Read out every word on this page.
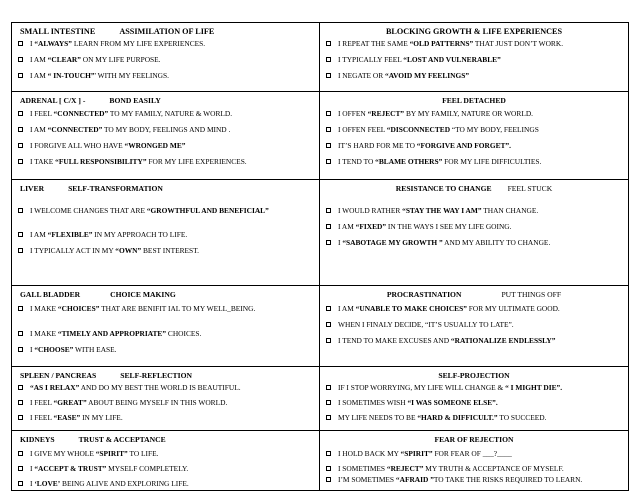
SMALL INTESTINE	ASSIMILATION OF LIFE
I “ALWAYS” LEARN FROM MY LIFE EXPERIENCES.
I AM “CLEAR” ON MY LIFE PURPOSE.
I AM “ IN-TOUCH”' WITH MY FEELINGS.
BLOCKING GROWTH & LIFE EXPERIENCES
I REPEAT THE SAME “OLD PATTERNS” THAT JUST DON’T WORK.
I TYPICALLY FEEL “LOST AND VULNERABLE”
I NEGATE OR “AVOID MY FEELINGS”
ADRENAL [ C/X ] -	BOND EASILY
I FEEL “CONNECTED” TO MY FAMILY, NATURE & WORLD.
I AM “CONNECTED” TO MY BODY, FEELINGS AND MIND .
I FORGIVE ALL WHO HAVE “WRONGED ME”
I TAKE “FULL RESPONSIBILITY” FOR MY LIFE EXPERIENCES.
FEEL DETACHED
I OFFEN “REJECT” BY MY FAMILY, NATURE OR WORLD.
I OFFEN FEEL “DISCONNECTED “TO MY BODY, FEELINGS
IT’S HARD FOR ME TO “FORGIVE AND FORGET”.
I TEND TO “BLAME OTHERS” FOR MY LIFE DIFFICULTIES.
LIVER	SELF-TRANSFORMATION
I WELCOME CHANGES THAT ARE “GROWTHFUL AND BENEFICIAL”
I AM “FLEXIBLE” IN MY APPROACH TO LIFE.
I TYPICALLY ACT IN MY “OWN” BEST INTEREST.
RESISTANCE TO CHANGE FEEL STUCK
I WOULD RATHER “STAY THE WAY I AM” THAN CHANGE.
I AM “FIXED” IN THE WAYS I SEE MY LIFE GOING.
I “SABOTAGE MY GROWTH ” AND MY ABILITY TO CHANGE.
GALL BLADDER	CHOICE MAKING
I MAKE “CHOICES” THAT ARE BENIFIT IAL TO MY WELL_BEING.
I MAKE “TIMELY AND APPROPRIATE” CHOICES.
I “CHOOSE” WITH EASE.
PROCRASTINATION	PUT THINGS OFF
I AM “UNABLE TO MAKE CHOICES” FOR MY ULTIMATE GOOD.
WHEN I FINALY DECIDE, “IT’S USUALLY TO LATE”.
I TEND TO MAKE EXCUSES AND “RATIONALIZE ENDLESSLY”
SPLEEN / PANCREAS	SELF-REFLECTION
“AS I RELAX” AND DO MY BEST THE WORLD IS BEAUTIFUL.
I FEEL “GREAT” ABOUT BEING MYSELF IN THIS WORLD.
I FEEL “EASE” IN MY LIFE.
SELF-PROJECTION
IF I STOP WORRYING, MY LIFE WILL CHANGE & “ I MIGHT DIE”.
I SOMETIMES WISH “I WAS SOMEONE ELSE”.
MY LIFE NEEDS TO BE “HARD & DIFFICULT.” TO SUCCEED.
KIDNEYS	TRUST & ACCEPTANCE
I GIVE MY WHOLE “SPIRIT” TO LIFE.
I “ACCEPT & TRUST” MYSELF COMPLETELY.
I ‘LOVE’ BEING ALIVE AND EXPLORING LIFE.
FEAR OF REJECTION
I HOLD BACK MY “SPIRIT” FOR FEAR OF ___?____
I SOMETIMES “REJECT” MY TRUTH & ACCEPTANCE OF MYSELF.
I’M SOMETIMES “AFRAID ”TO TAKE THE RISKS REQUIRED TO LEARN.
